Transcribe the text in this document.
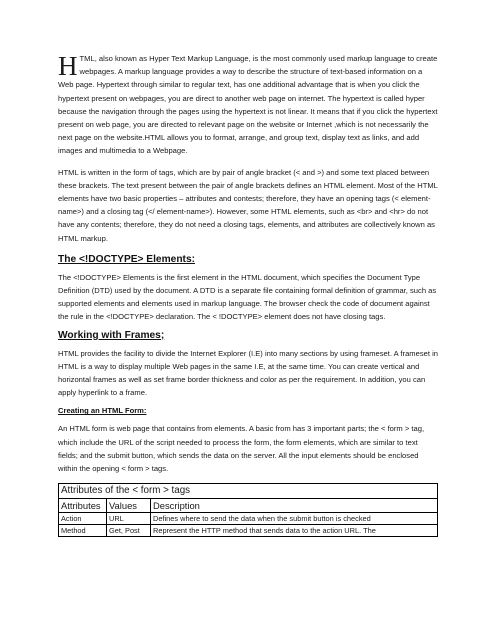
HTML, also known as Hyper Text Markup Language, is the most commonly used markup language to create webpages. A markup language provides a way to describe the structure of text-based information on a Web page. Hypertext through similar to regular text, has one additional advantage that is when you click the hypertext present on webpages, you are direct to another web page on internet. The hypertext is called hyper because the navigation through the pages using the hypertext is not linear. It means that if you click the hypertext present on web page, you are directed to relevant page on the website or Internet ,which is not necessarily the next page on the website.HTML allows you to format, arrange, and group text, display text as links, and add images and multimedia to a Webpage.

HTML is written in the form of tags, which are by pair of angle bracket (< and >) and some text placed between these brackets. The text present between the pair of angle brackets defines an HTML element. Most of the HTML elements have two basic properties – attributes and contests; therefore, they have an opening tags (< element-name>) and a closing tag (</ element-name>). However, some HTML elements, such as <br> and <hr> do not have any contents; therefore, they do not need a closing tags, elements, and attributes are collectively known as HTML markup.

The <!DOCTYPE> Elements:

The <!DOCTYPE> Elements is the first element in the HTML document, which specifies the Document Type Definition (DTD) used by the document. A DTD is a separate file containing formal definition of grammar, such as supported elements and elements used in markup language. The browser check the code of document against the rule in the <!DOCTYPE> declaration. The < !DOCTYPE> element does not have closing tags.

Working with Frames;

HTML provides the facility to divide the Internet Explorer (I.E) into many sections by using frameset. A frameset in HTML is a way to display multiple Web pages in the same I.E, at the same time. You can create vertical and horizontal frames as well as set frame border thickness and color as per the requirement. In addition, you can apply hyperlink to a frame.

Creating an HTML Form:

An HTML form is web page that contains from elements. A basic from has 3 important parts; the < form > tag, which include the URL of the script needed to process the form, the form elements, which are similar to text fields; and the submit button, which sends the data on the server. All the input elements should be enclosed within the opening < form > tags.

Attributes of the < form > tags		
Attributes	Values	Description
Action	URL	Defines where to send the data when the submit button is checked
Method	Get, Post	Represent the HTTP method that sends data to the action URL. The
